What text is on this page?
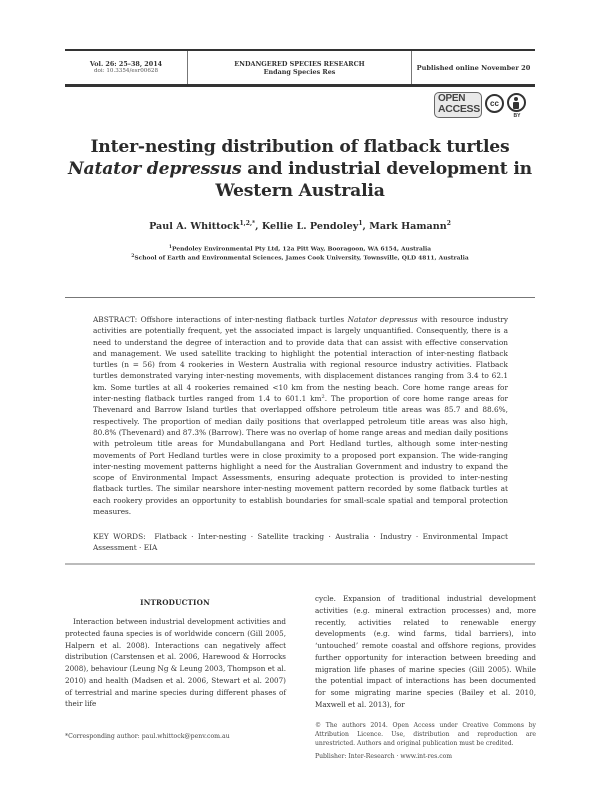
Vol. 26: 25–38, 2014
doi: 10.3354/esr00628
ENDANGERED SPECIES RESEARCH
Endang Species Res	Published online November 20
OPEN
ACCESS	cc
BY
Inter-nesting distribution of flatback turtles
Natator depressus and industrial development in
Western Australia
Paul A. Whittock$^{1,2,*}$, Kellie L. Pendoley$^1$, Mark Hamann$^2$
$^1$Pendoley Environmental Pty Ltd, 12a Pitt Way, Booragoon, WA 6154, Australia
$^2$School of Earth and Environmental Sciences, James Cook University, Townsville, QLD 4811, Australia
ABSTRACT: Offshore interactions of inter-nesting flatback turtles Natator depressus with resource industry activities are potentially frequent, yet the associated impact is largely unquantified. Consequently, there is a need to understand the degree of interaction and to provide data that can assist with effective conservation and management. We used satellite tracking to highlight the potential interaction of inter-nesting flatback turtles (n = 56) from 4 rookeries in Western Australia with regional resource industry activities. Flatback turtles demonstrated varying inter-nesting movements, with displacement distances ranging from 3.4 to 62.1 km. Some turtles at all 4 rookeries remained <10 km from the nesting beach. Core home range areas for inter-nesting flatback turtles ranged from 1.4 to 601.1 $km^2$. The proportion of core home range areas for Thevenard and Barrow Island turtles that overlapped offshore petroleum title areas was 85.7 and 88.6%, respectively. The proportion of median daily positions that overlapped petroleum title areas was also high, 80.8% (Thevenard) and 87.3% (Barrow). There was no overlap of home range areas and median daily positions with petroleum title areas for Mundabullangana and Port Hedland turtles, although some inter-nesting movements of Port Hedland turtles were in close proximity to a proposed port expansion. The wide-ranging inter-nesting movement patterns highlight a need for the Australian Government and industry to expand the scope of Environmental Impact Assessments, ensuring adequate protection is provided to inter-nesting flatback turtles. The similar nearshore inter-nesting movement pattern recorded by some flatback turtles at each rookery provides an opportunity to establish boundaries for small-scale spatial and temporal protection measures.
KEY WORDS: Flatback · Inter-nesting · Satellite tracking · Australia · Industry · Environmental Impact Assessment · EIA
INTRODUCTION
Interaction between industrial development activities and protected fauna species is of worldwide concern (Gill 2005, Halpern et al. 2008). Interactions can negatively affect distribution (Carstensen et al. 2006, Harewood & Horrocks 2008), behaviour (Leung Ng & Leung 2003, Thompson et al. 2010) and health (Madsen et al. 2006, Stewart et al. 2007) of terrestrial and marine species during different phases of their life
cycle. Expansion of traditional industrial development activities (e.g. mineral extraction processes) and, more recently, activities related to renewable energy developments (e.g. wind farms, tidal barriers), into ‘untouched’ remote coastal and offshore regions, provides further opportunity for interaction between breeding and migration life phases of marine species (Gill 2005). While the potential impact of interactions has been documented for some migrating marine species (Bailey et al. 2010, Maxwell et al. 2013), for
*Corresponding author: paul.whittock@penv.com.au
© The authors 2014. Open Access under Creative Commons by Attribution Licence. Use, distribution and reproduction are unrestricted. Authors and original publication must be credited.
Publisher: Inter-Research · www.int-res.com
